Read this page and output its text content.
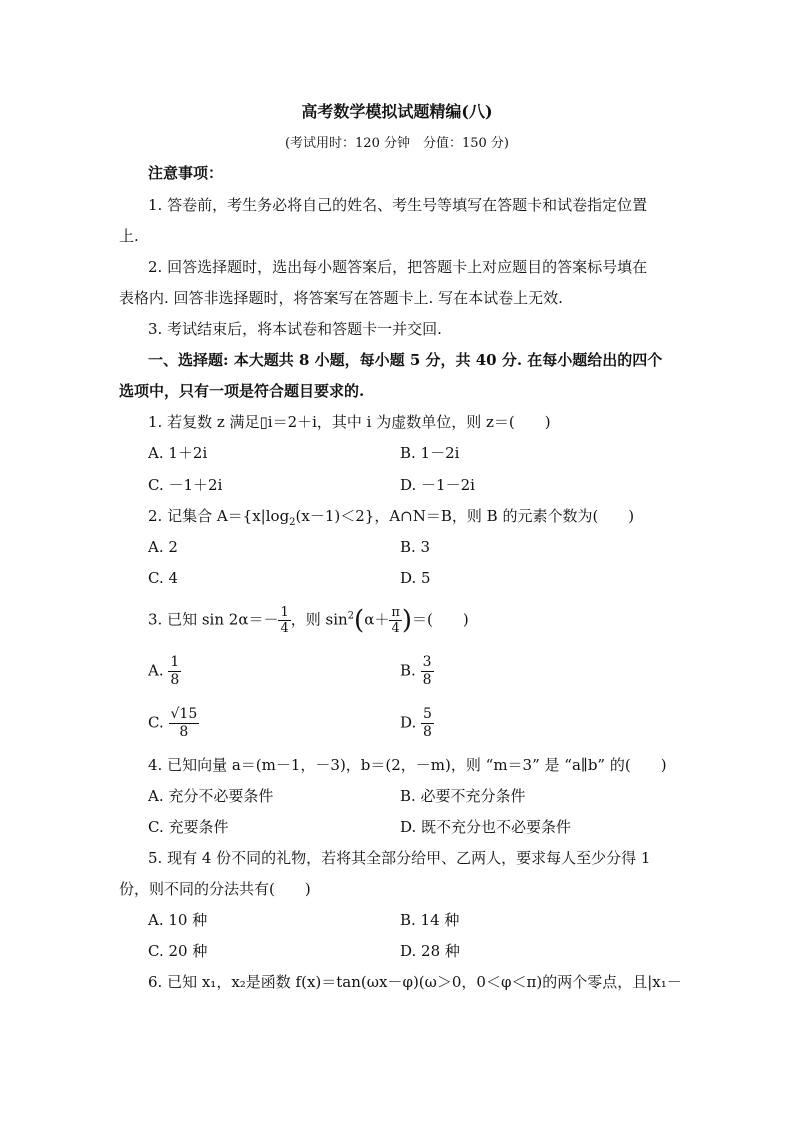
高考数学模拟试题精编(八)
(考试用时：120 分钟　分值：150 分)
注意事项：
1. 答卷前，考生务必将自己的姓名、考生号等填写在答题卡和试卷指定位置
上.
2. 回答选择题时，选出每小题答案后，把答题卡上对应题目的答案标号填在
表格内. 回答非选择题时，将答案写在答题卡上. 写在本试卷上无效.
3. 考试结束后，将本试卷和答题卡一并交回.
一、选择题: 本大题共 8 小题，每小题 5 分，共 40 分. 在每小题给出的四个
选项中，只有一项是符合题目要求的.
1. 若复数 z 满足▯i＝2＋i，其中 i 为虚数单位，则 z＝(　　)
A. 1＋2i	B. 1－2i
C. －1＋2i	D. －1－2i
2. 记集合 $A=\{x|\log_2(x-1)<2\}$，A∩N＝B，则 B 的元素个数为(　　)
A. 2	B. 3
C. 4	D. 5
3. 已知 $\sin 2\alpha=- \frac{1}{4}$ ，则 $\sin^2(\alpha+ \frac{\pi}{4}$ )＝(　　)
A. $\frac{1}{8}$	B. $\frac{3}{8}$
C. $\frac{√15}{8}$	D. $\frac{5}{8}$
4. 已知向量 a＝(m－1，－3)，b＝(2，－m)，则 “m＝3” 是 “a∥b” 的(　　)
A. 充分不必要条件	B. 必要不充分条件
C. 充要条件	D. 既不充分也不必要条件
5. 现有 4 份不同的礼物，若将其全部分给甲、乙两人，要求每人至少分得 1
份，则不同的分法共有(　　)
A. 10 种	B. 14 种
C. 20 种	D. 28 种
6. 已知 x₁，x₂是函数 f(x)＝tan(ωx－φ)(ω＞0，0＜φ＜π)的两个零点，且|x₁－
